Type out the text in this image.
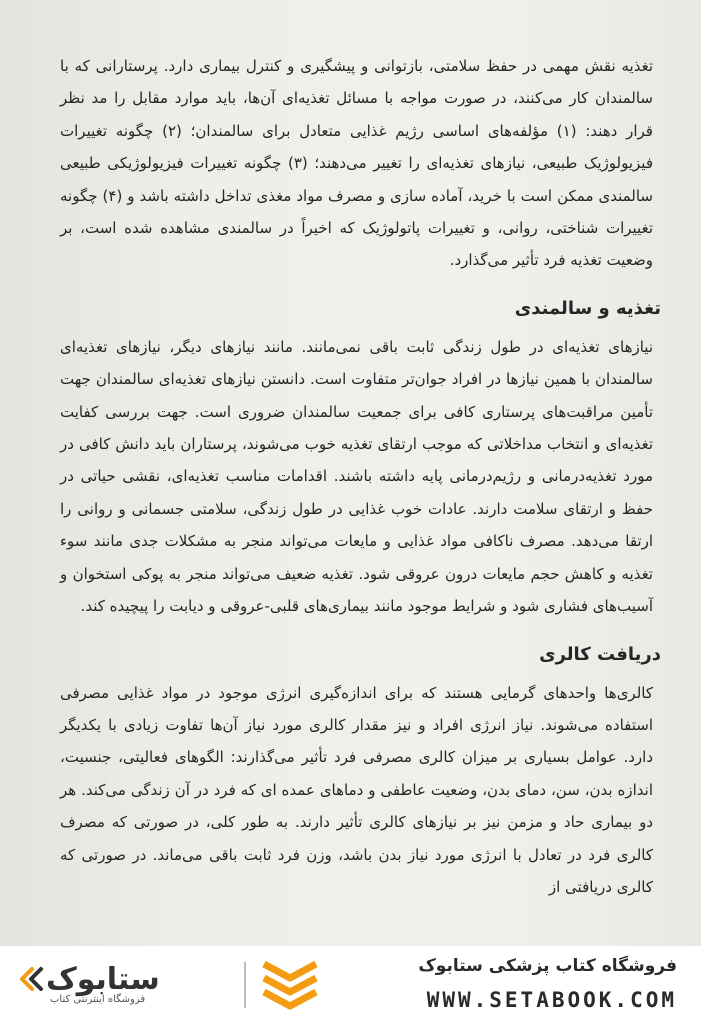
تغذیه نقش مهمی در حفظ سلامتی، بازتوانی و پیشگیری و کنترل بیماری دارد. پرستارانی که با سالمندان کار می‌کنند، در صورت مواجه با مسائل تغذیه‌ای آن‌ها، باید موارد مقابل را مد نظر قرار دهند: (۱) مؤلفه‌های اساسی رژیم غذایی متعادل برای سالمندان؛ (۲) چگونه تغییرات فیزیولوژیک طبیعی، نیازهای تغذیه‌ای را تغییر می‌دهند؛ (۳) چگونه تغییرات فیزیولوژیکی طبیعی سالمندی ممکن است با خرید، آماده سازی و مصرف مواد مغذی تداخل داشته باشد و (۴) چگونه تغییرات شناختی، روانی، و تغییرات پاتولوژیک که اخیراً در سالمندی مشاهده شده است، بر وضعیت تغذیه فرد تأثیر می‌گذارد.

تغذیه و سالمندی

نیازهای تغذیه‌ای در طول زندگی ثابت باقی نمی‌مانند. مانند نیازهای دیگر، نیازهای تغذیه‌ای سالمندان با همین نیازها در افراد جوان‌تر متفاوت است. دانستن نیازهای تغذیه‌ای سالمندان جهت تأمین مراقبت‌های پرستاری کافی برای جمعیت سالمندان ضروری است. جهت بررسی کفایت تغذیه‌ای و انتخاب مداخلاتی که موجب ارتقای تغذیه خوب می‌شوند، پرستاران باید دانش کافی در مورد تغذیه‌درمانی و رژیم‌درمانی پایه داشته باشند. اقدامات مناسب تغذیه‌ای، نقشی حیاتی در حفظ و ارتقای سلامت دارند. عادات خوب غذایی در طول زندگی، سلامتی جسمانی و روانی را ارتقا می‌دهد. مصرف ناکافی مواد غذایی و مایعات می‌تواند منجر به مشکلات جدی مانند سوء تغذیه و کاهش حجم مایعات درون عروقی شود. تغذیه ضعیف می‌تواند منجر به پوکی استخوان و آسیب‌های فشاری شود و شرایط موجود مانند بیماری‌های قلبی-عروقی و دیابت را پیچیده کند.

دریافت کالری

کالری‌ها واحدهای گرمایی هستند که برای اندازه‌گیری انرژی موجود در مواد غذایی مصرفی استفاده می‌شوند. نیاز انرژی افراد و نیز مقدار کالری مورد نیاز آن‌ها تفاوت زیادی با یکدیگر دارد. عوامل بسیاری بر میزان کالری مصرفی فرد تأثیر می‌گذارند: الگوهای فعالیتی، جنسیت، اندازه بدن، سن، دمای بدن، وضعیت عاطفی و دماهای عمده ای که فرد در آن زندگی می‌کند. هر دو بیماری حاد و مزمن نیز بر نیازهای کالری تأثیر دارند. به طور کلی، در صورتی که مصرف کالری فرد در تعادل با انرژی مورد نیاز بدن باشد، وزن فرد ثابت باقی می‌ماند. در صورتی که کالری دریافتی از

ستابوک
فروشگاه اینترنتی کتاب
فروشگاه کتاب پزشکی ستابوک
WWW.SETABOOK.COM
